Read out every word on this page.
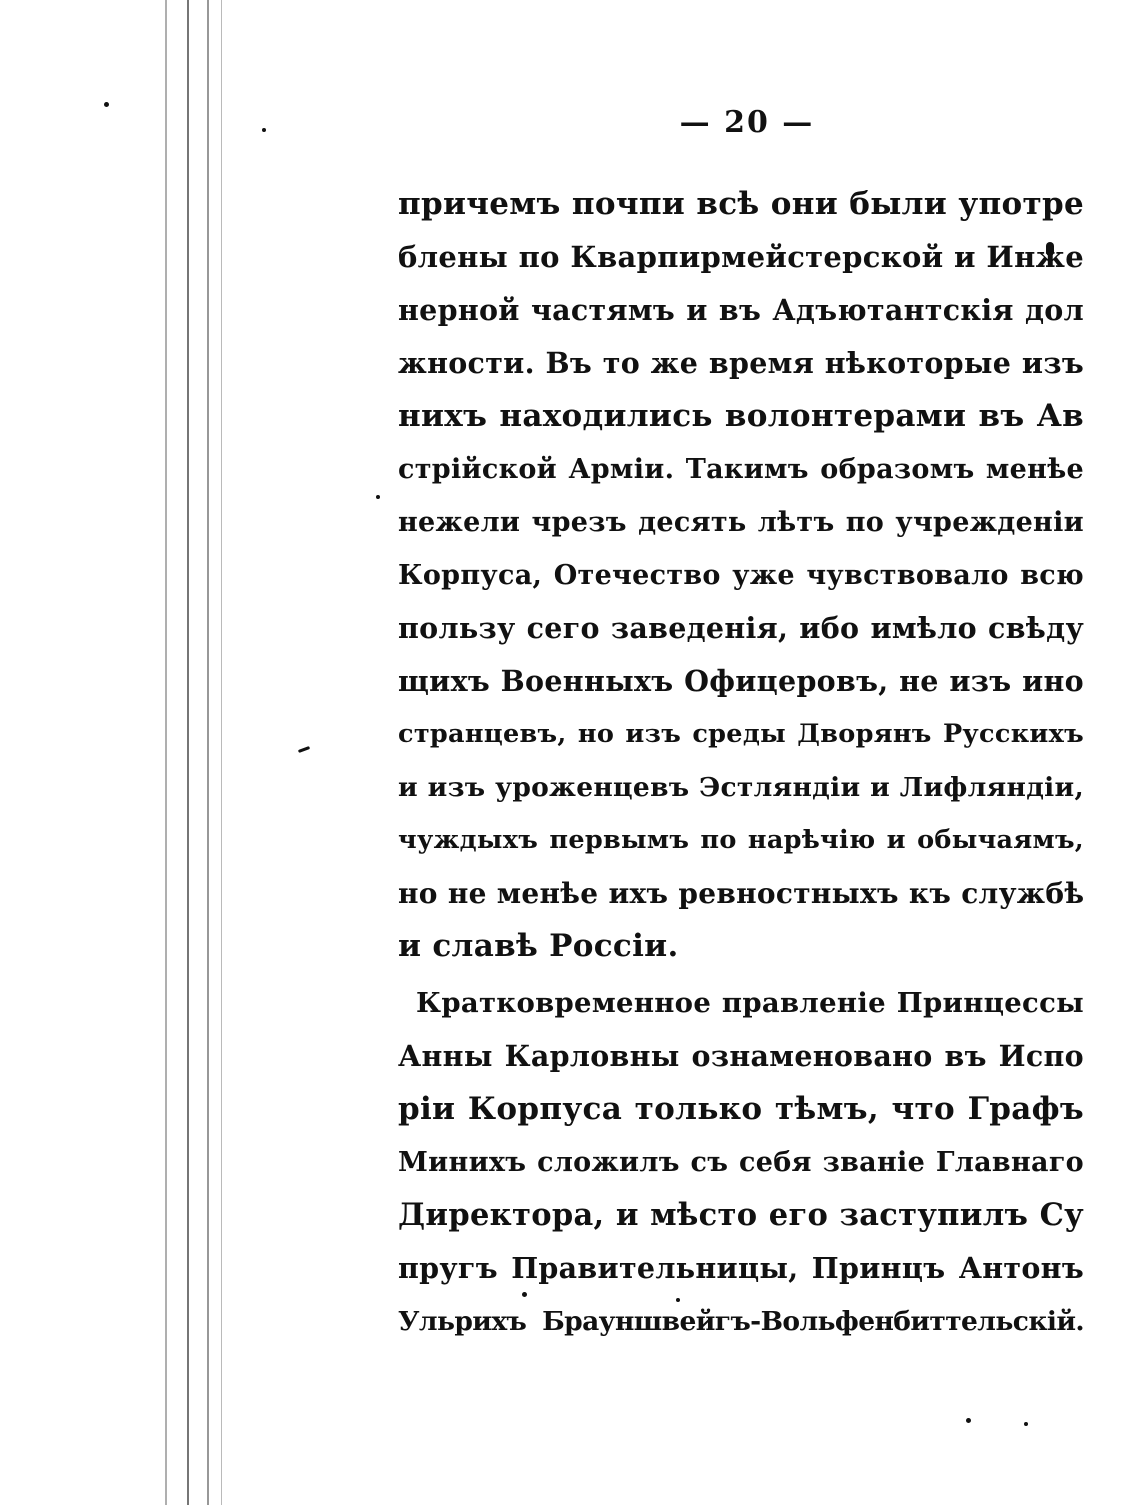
— 20 —
причемъ почпи всѣ они были употре
блены по Кварпирмейстерской и Инже
нерной частямъ и въ Адъютантскія дол
жности. Въ то же время нѣкоторые изъ
нихъ находились волонтерами въ Ав
стрійской Арміи. Такимъ образомъ менѣе
нежели чрезъ десять лѣтъ по учрежденіи
Корпуса, Отечество уже чувствовало всю
пользу сего заведенія, ибо имѣло свѣду
щихъ Военныхъ Офицеровъ, не изъ ино
странцевъ, но изъ среды Дворянъ Русскихъ
и изъ уроженцевъ Эстляндіи и Лифляндіи,
чуждыхъ первымъ по нарѣчію и обычаямъ,
но не менѣе ихъ ревностныхъ къ службѣ
и славѣ Россіи.
Кратковременное правленіе Принцессы
Анны Карловны ознаменовано въ Испо
ріи Корпуса только тѣмъ, что Графъ
Минихъ сложилъ съ себя званіе Главнаго
Директора, и мѣсто его заступилъ Су
пругъ Правительницы, Принцъ Антонъ
Ульрихъ Брауншвейгъ-Вольфенбиттельскій.
